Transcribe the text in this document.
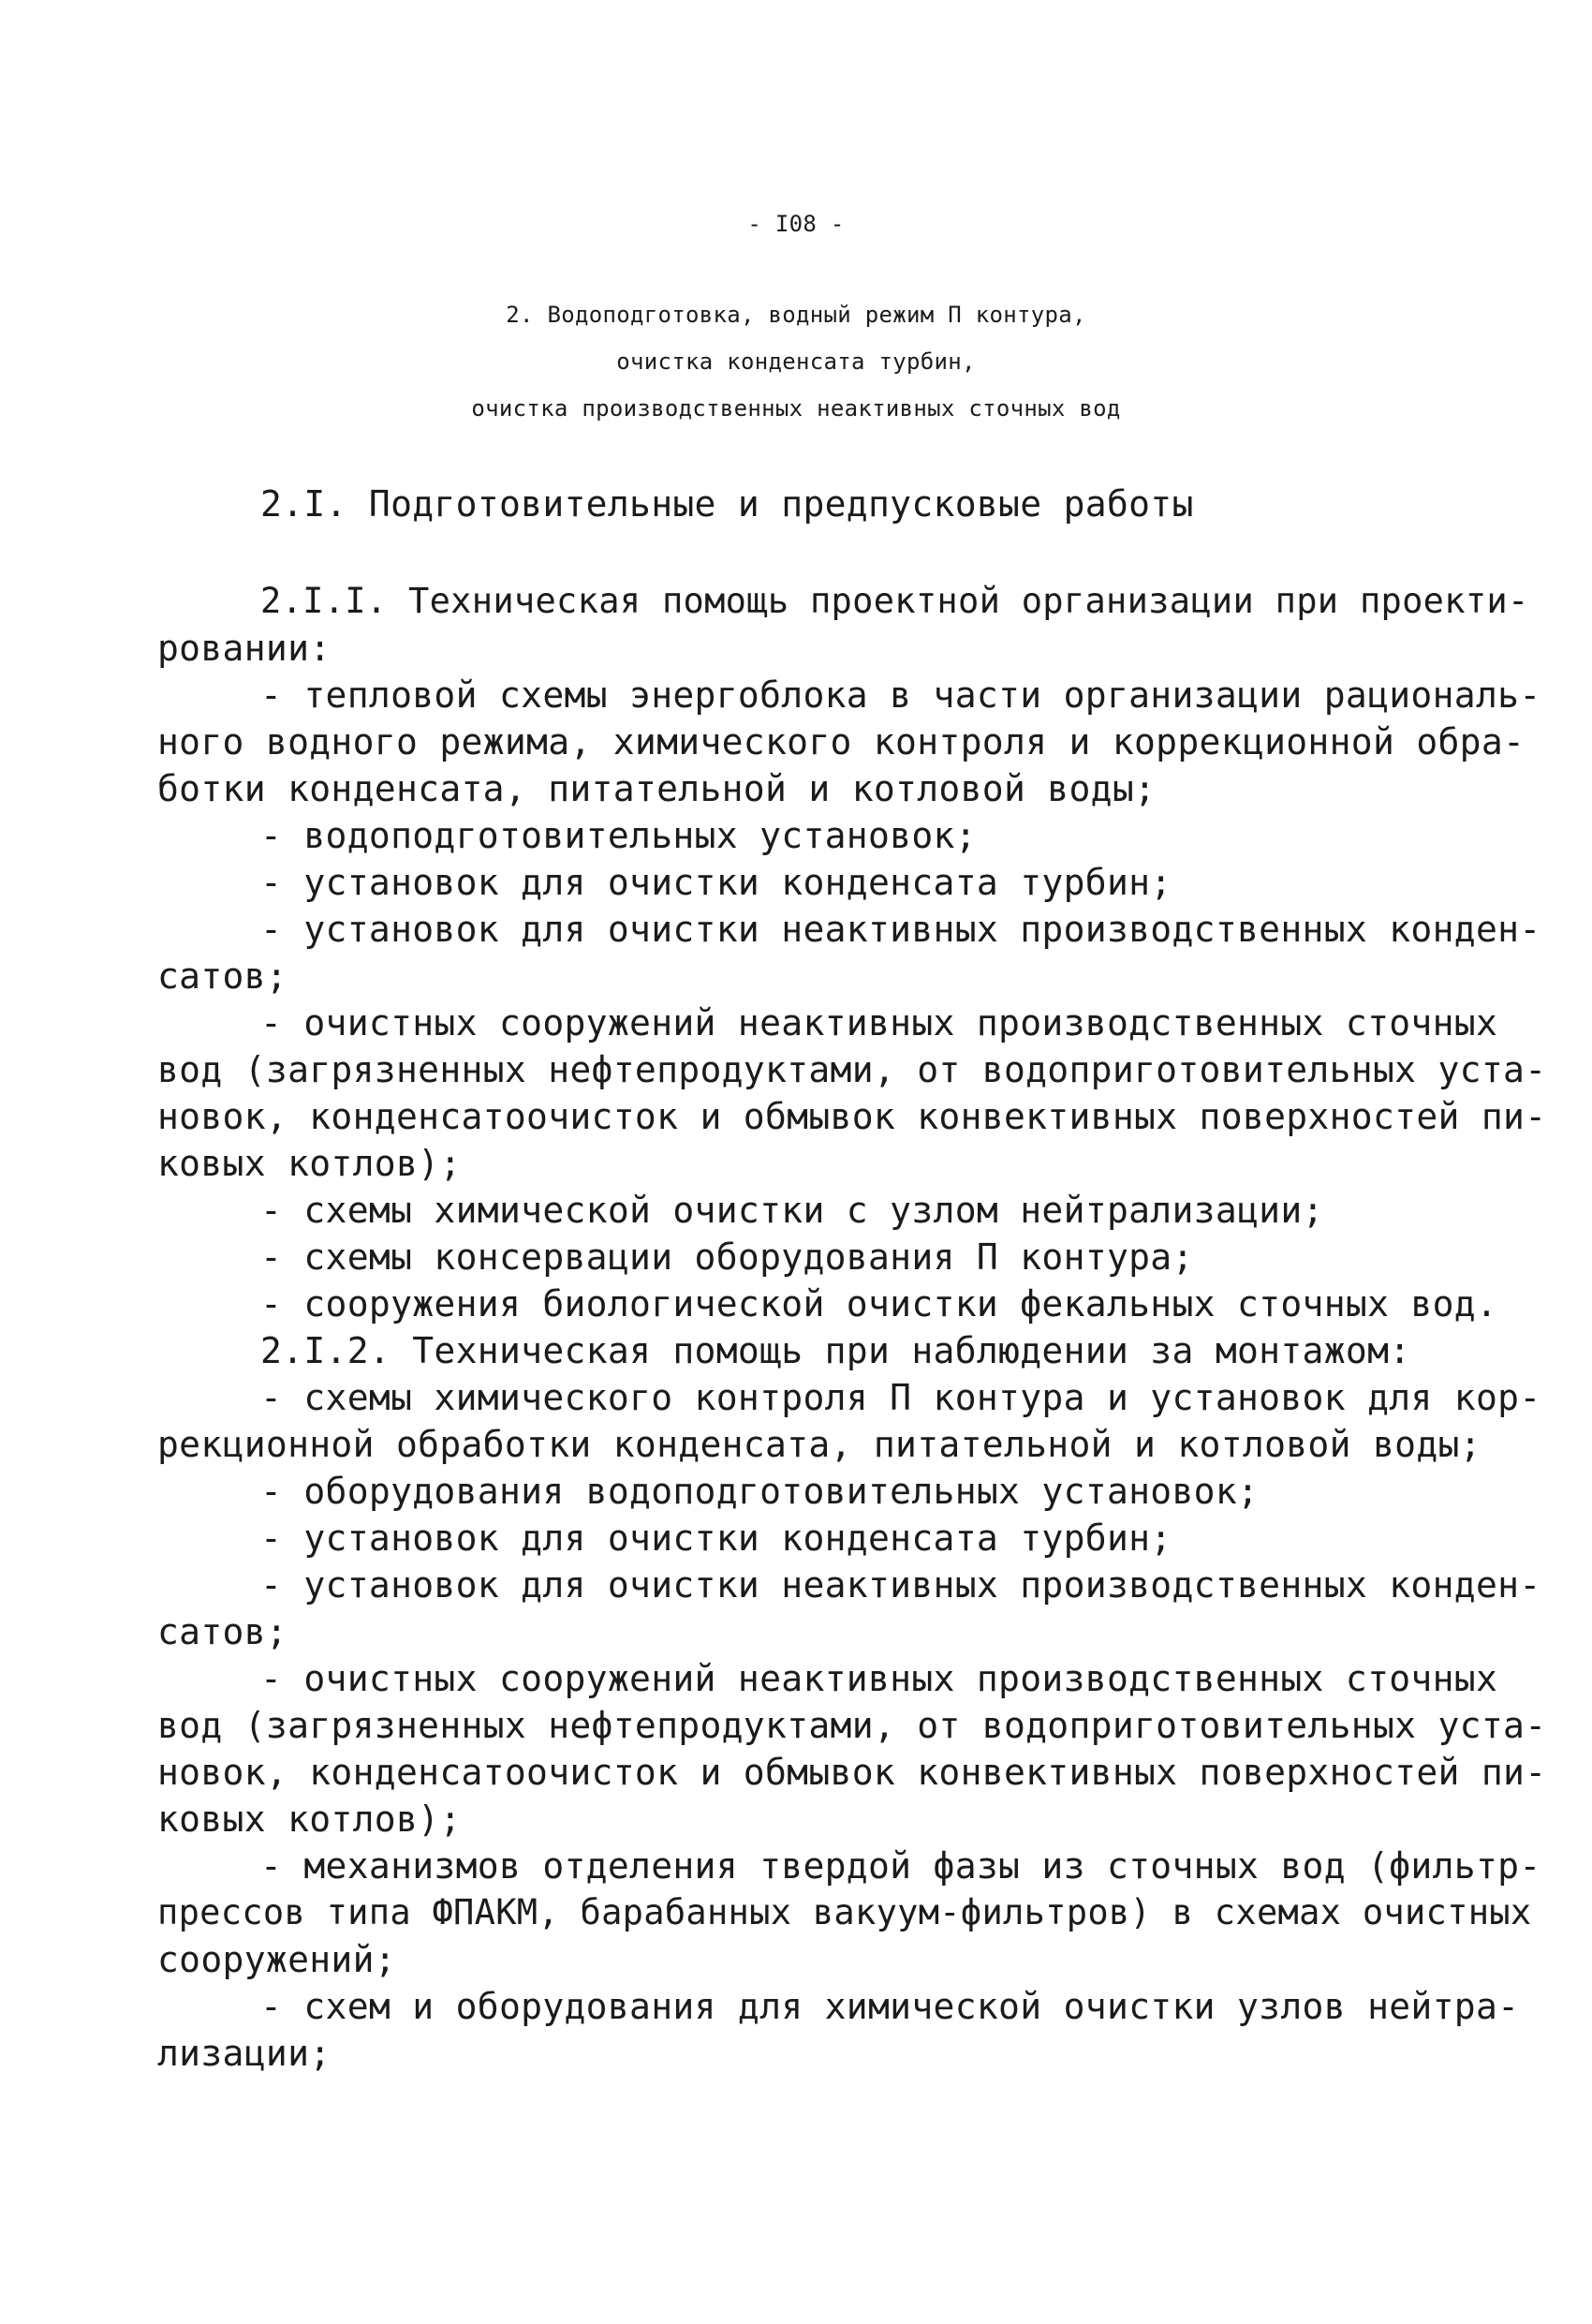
- I08 -
2. Водоподготовка, водный режим П контура,
очистка конденсата турбин,
очистка производственных неактивных сточных вод
2.I. Подготовительные и предпусковые работы
2.I.I. Техническая помощь проектной организации при проекти-
ровании:
- тепловой схемы энергоблока в части организации рациональ-
ного водного режима, химического контроля и коррекционной обра-
ботки конденсата, питательной и котловой воды;
- водоподготовительных установок;
- установок для очистки конденсата турбин;
- установок для очистки неактивных производственных конден-
сатов;
- очистных сооружений неактивных производственных сточных
вод (загрязненных нефтепродуктами, от водоприготовительных уста-
новок, конденсатоочисток и обмывок конвективных поверхностей пи-
ковых котлов);
- схемы химической очистки с узлом нейтрализации;
- схемы консервации оборудования П контура;
- сооружения биологической очистки фекальных сточных вод.
2.I.2. Техническая помощь при наблюдении за монтажом:
- схемы химического контроля П контура и установок для кор-
рекционной обработки конденсата, питательной и котловой воды;
- оборудования водоподготовительных установок;
- установок для очистки конденсата турбин;
- установок для очистки неактивных производственных конден-
сатов;
- очистных сооружений неактивных производственных сточных
вод (загрязненных нефтепродуктами, от водоприготовительных уста-
новок, конденсатоочисток и обмывок конвективных поверхностей пи-
ковых котлов);
- механизмов отделения твердой фазы из сточных вод (фильтр-
прессов типа ФПАКМ, барабанных вакуум-фильтров) в схемах очистных
сооружений;
- схем и оборудования для химической очистки узлов нейтра-
лизации;
